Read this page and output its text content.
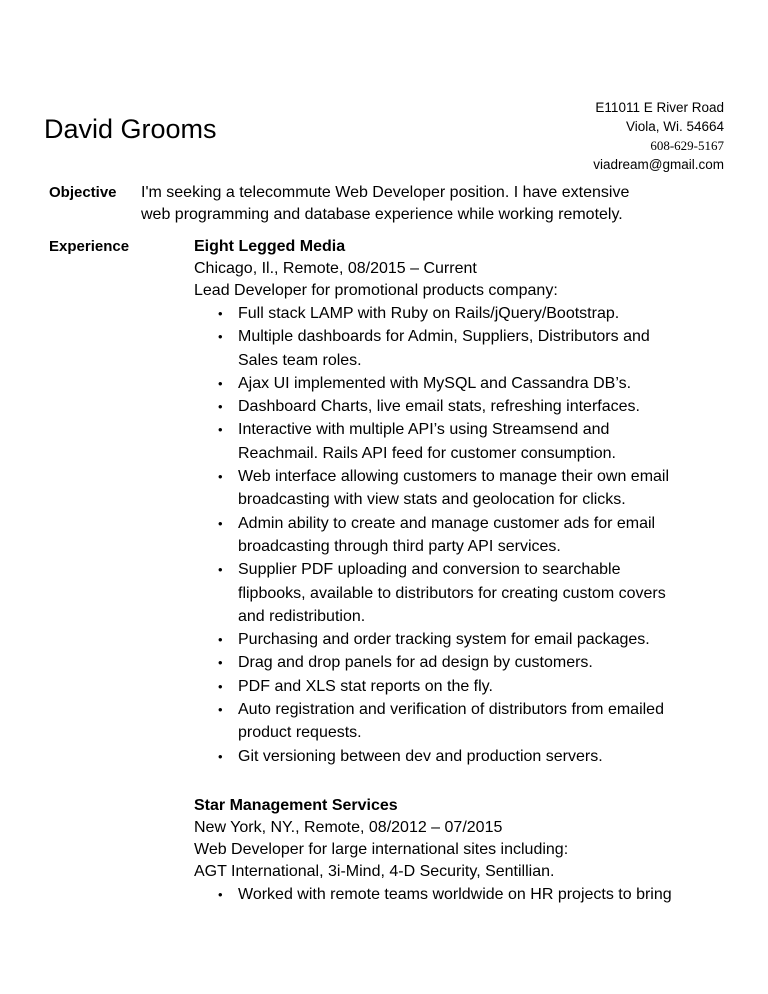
David Grooms
E11011 E River Road
Viola, Wi. 54664
608-629-5167
viadream@gmail.com
Objective I'm seeking a telecommute Web Developer position. I have extensive
web programming and database experience while working remotely.
Experience	Eight Legged Media
Chicago, Il., Remote, 08/2015 – Current
Lead Developer for promotional products company:
• Full stack LAMP with Ruby on Rails/jQuery/Bootstrap.
• Multiple dashboards for Admin, Suppliers, Distributors and
Sales team roles.
• Ajax UI implemented with MySQL and Cassandra DB’s.
• Dashboard Charts, live email stats, refreshing interfaces.
• Interactive with multiple API’s using Streamsend and
Reachmail. Rails API feed for customer consumption.
• Web interface allowing customers to manage their own email
broadcasting with view stats and geolocation for clicks.
• Admin ability to create and manage customer ads for email
broadcasting through third party API services.
• Supplier PDF uploading and conversion to searchable
flipbooks, available to distributors for creating custom covers
and redistribution.
• Purchasing and order tracking system for email packages.
• Drag and drop panels for ad design by customers.
• PDF and XLS stat reports on the fly.
• Auto registration and verification of distributors from emailed
product requests.
• Git versioning between dev and production servers.
Star Management Services
New York, NY., Remote, 08/2012 – 07/2015
Web Developer for large international sites including:
AGT International, 3i-Mind, 4-D Security, Sentillian.
• Worked with remote teams worldwide on HR projects to bring
